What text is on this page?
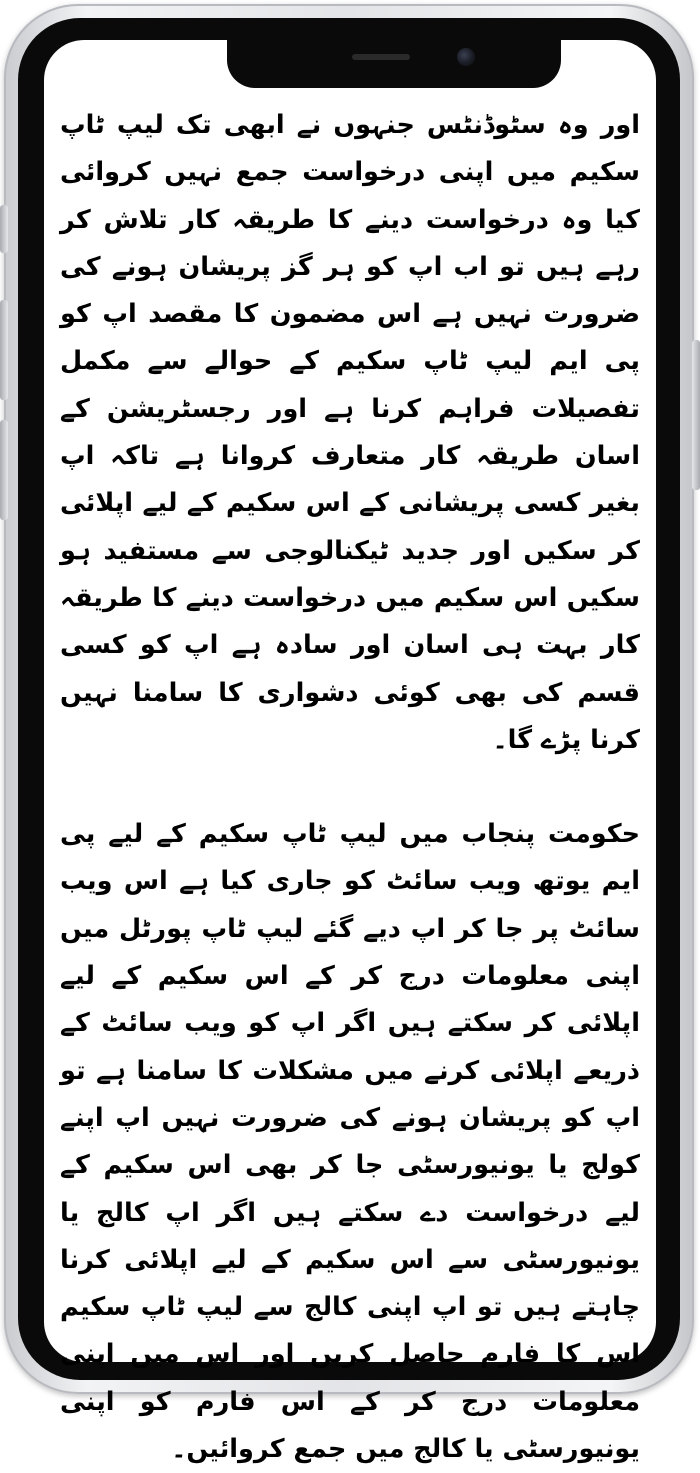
اور وہ سٹوڈنٹس جنہوں نے ابھی تک لیپ ٹاپ سکیم میں اپنی درخواست جمع نہیں کروائی کیا وہ درخواست دینے کا طریقہ کار تلاش کر رہے ہیں تو اب اپ کو ہر گز پریشان ہونے کی ضرورت نہیں ہے اس مضمون کا مقصد اپ کو پی ایم لیپ ٹاپ سکیم کے حوالے سے مکمل تفصیلات فراہم کرنا ہے اور رجسٹریشن کے اسان طریقہ کار متعارف کروانا ہے تاکہ اپ بغیر کسی پریشانی کے اس سکیم کے لیے اپلائی کر سکیں اور جدید ٹیکنالوجی سے مستفید ہو سکیں اس سکیم میں درخواست دینے کا طریقہ کار بہت ہی اسان اور سادہ ہے اپ کو کسی قسم کی بھی کوئی دشواری کا سامنا نہیں کرنا پڑے گا۔

حکومت پنجاب میں لیپ ٹاپ سکیم کے لیے پی ایم یوتھ ویب سائٹ کو جاری کیا ہے اس ویب سائٹ پر جا کر اپ دیے گئے لیپ ٹاپ پورٹل میں اپنی معلومات درج کر کے اس سکیم کے لیے اپلائی کر سکتے ہیں اگر اپ کو ویب سائٹ کے ذریعے اپلائی کرنے میں مشکلات کا سامنا ہے تو اپ کو پریشان ہونے کی ضرورت نہیں اپ اپنے کولج یا یونیورسٹی جا کر بھی اس سکیم کے لیے درخواست دے سکتے ہیں اگر اپ کالج یا یونیورسٹی سے اس سکیم کے لیے اپلائی کرنا چاہتے ہیں تو اپ اپنی کالج سے لیپ ٹاپ سکیم اس کا فارم حاصل کریں اور اس میں اپنی معلومات درج کر کے اس فارم کو اپنی یونیورسٹی یا کالج میں جمع کروائیں۔
